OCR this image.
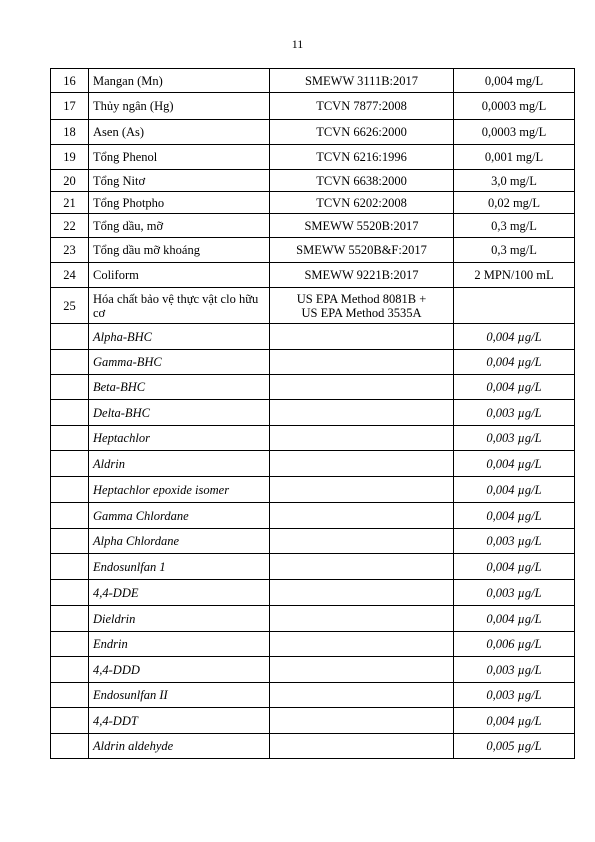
11
16	Mangan (Mn)	SMEWW 3111B:2017	0,004 mg/L
17	Thủy ngân (Hg)	TCVN 7877:2008	0,0003 mg/L
18	Asen (As)	TCVN 6626:2000	0,0003 mg/L
19	Tổng Phenol	TCVN 6216:1996	0,001 mg/L
20	Tổng Nitơ	TCVN 6638:2000	3,0 mg/L
21	Tổng Photpho	TCVN 6202:2008	0,02 mg/L
22	Tổng dầu, mỡ	SMEWW 5520B:2017	0,3 mg/L
23	Tổng dầu mỡ khoáng	SMEWW 5520B&F:2017	0,3 mg/L
24	Coliform	SMEWW 9221B:2017	2 MPN/100 mL
25	Hóa chất bảo vệ thực vật clo hữu cơ	US EPA Method 8081B +
US EPA Method 3535A	

	Alpha-BHC		0,004 µg/L
	Gamma-BHC		0,004 µg/L
	Beta-BHC		0,004 µg/L
	Delta-BHC		0,003 µg/L
	Heptachlor		0,003 µg/L
	Aldrin		0,004 µg/L
	Heptachlor epoxide isomer		0,004 µg/L
	Gamma Chlordane		0,004 µg/L
	Alpha Chlordane		0,003 µg/L
	Endosunlfan 1		0,004 µg/L
	4,4-DDE		0,003 µg/L
	Dieldrin		0,004 µg/L
	Endrin		0,006 µg/L
	4,4-DDD		0,003 µg/L
	Endosunlfan II		0,003 µg/L
	4,4-DDT		0,004 µg/L
	Aldrin aldehyde		0,005 µg/L
